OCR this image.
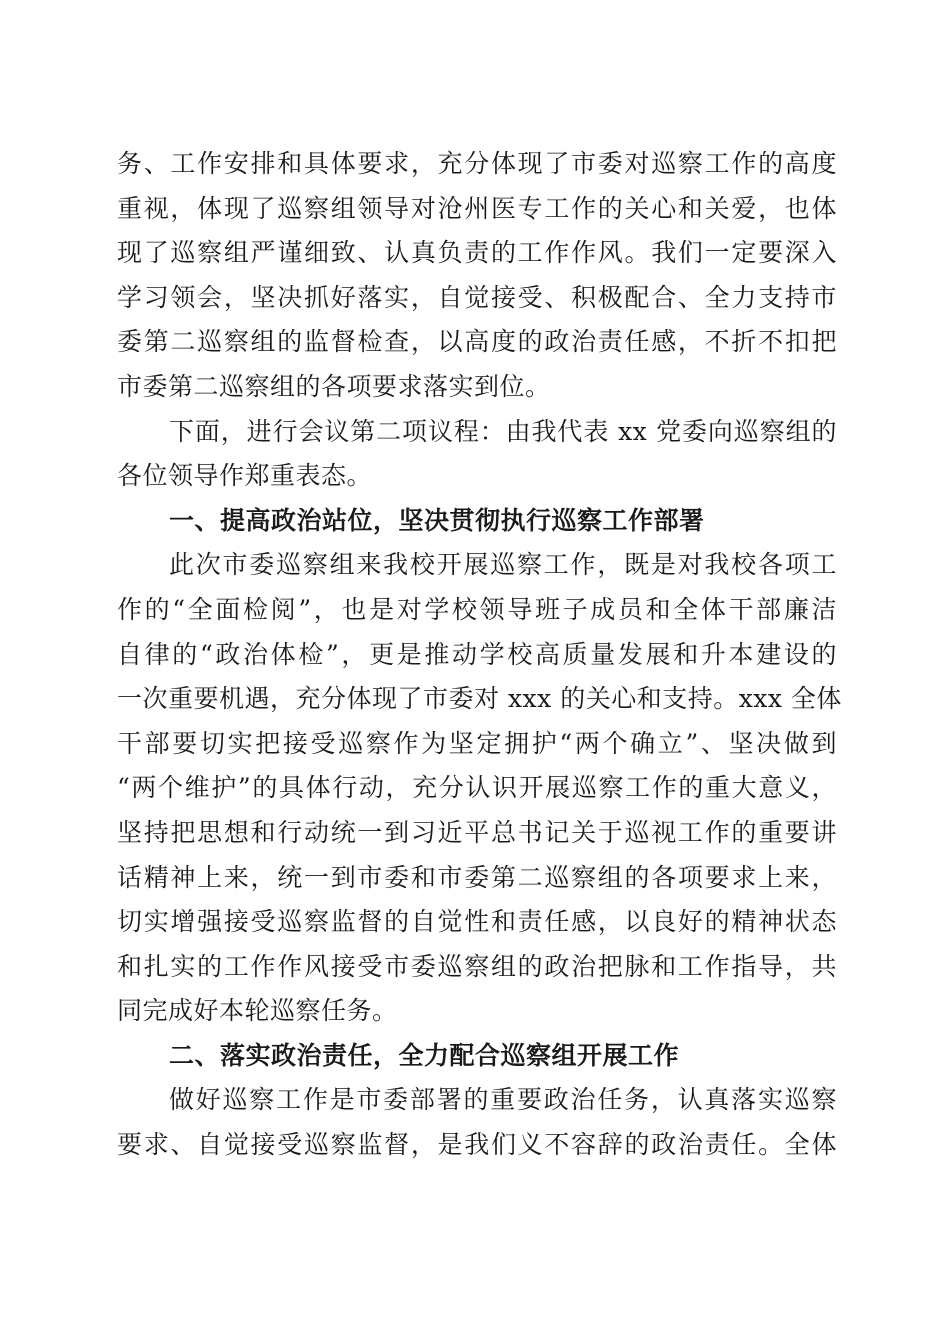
务、工作安排和具体要求，充分体现了市委对巡察工作的高度
重视，体现了巡察组领导对沧州医专工作的关心和关爱，也体
现了巡察组严谨细致、认真负责的工作作风。我们一定要深入
学习领会，坚决抓好落实，自觉接受、积极配合、全力支持市
委第二巡察组的监督检查，以高度的政治责任感，不折不扣把
市委第二巡察组的各项要求落实到位。
下面，进行会议第二项议程：由我代表 xx 党委向巡察组的
各位领导作郑重表态。
一、提高政治站位，坚决贯彻执行巡察工作部署
此次市委巡察组来我校开展巡察工作，既是对我校各项工
作的“全面检阅”，也是对学校领导班子成员和全体干部廉洁
自律的“政治体检”，更是推动学校高质量发展和升本建设的
一次重要机遇，充分体现了市委对 xxx 的关心和支持。xxx 全体
干部要切实把接受巡察作为坚定拥护“两个确立”、坚决做到
“两个维护”的具体行动，充分认识开展巡察工作的重大意义，
坚持把思想和行动统一到习近平总书记关于巡视工作的重要讲
话精神上来，统一到市委和市委第二巡察组的各项要求上来，
切实增强接受巡察监督的自觉性和责任感，以良好的精神状态
和扎实的工作作风接受市委巡察组的政治把脉和工作指导，共
同完成好本轮巡察任务。
二、落实政治责任，全力配合巡察组开展工作
做好巡察工作是市委部署的重要政治任务，认真落实巡察
要求、自觉接受巡察监督，是我们义不容辞的政治责任。全体
